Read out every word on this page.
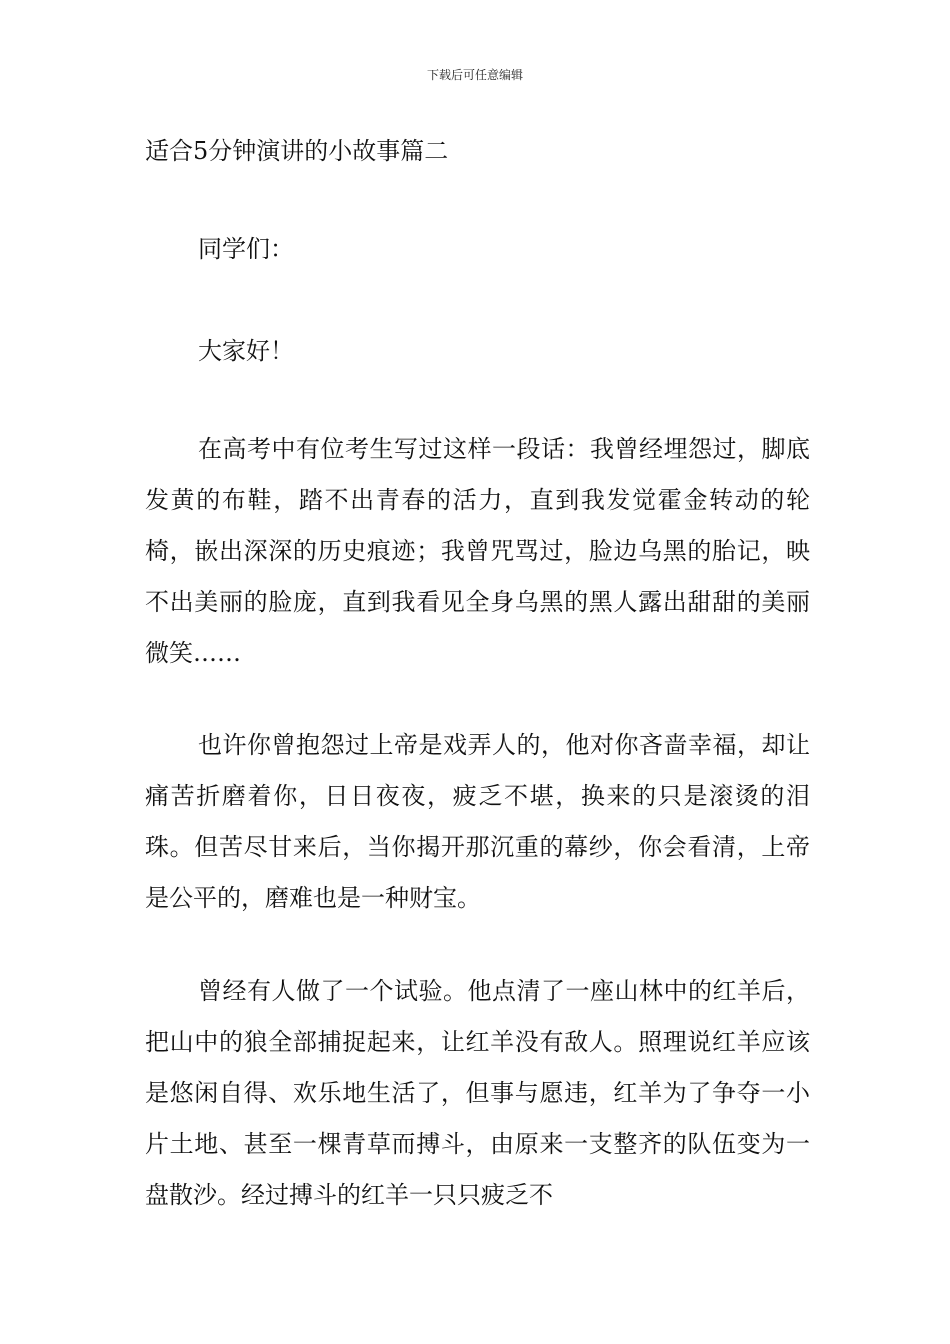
下载后可任意编辑
适合5分钟演讲的小故事篇二

同学们：

大家好！

在高考中有位考生写过这样一段话：我曾经埋怨过，脚底发黄的布鞋，踏不出青春的活力，直到我发觉霍金转动的轮椅，嵌出深深的历史痕迹；我曾咒骂过，脸边乌黑的胎记，映不出美丽的脸庞，直到我看见全身乌黑的黑人露出甜甜的美丽微笑……

也许你曾抱怨过上帝是戏弄人的，他对你吝啬幸福，却让痛苦折磨着你，日日夜夜，疲乏不堪，换来的只是滚烫的泪珠。但苦尽甘来后，当你揭开那沉重的幕纱，你会看清，上帝是公平的，磨难也是一种财宝。

曾经有人做了一个试验。他点清了一座山林中的红羊后，把山中的狼全部捕捉起来，让红羊没有敌人。照理说红羊应该是悠闲自得、欢乐地生活了，但事与愿违，红羊为了争夺一小片土地、甚至一棵青草而搏斗，由原来一支整齐的队伍变为一盘散沙。经过搏斗的红羊一只只疲乏不
